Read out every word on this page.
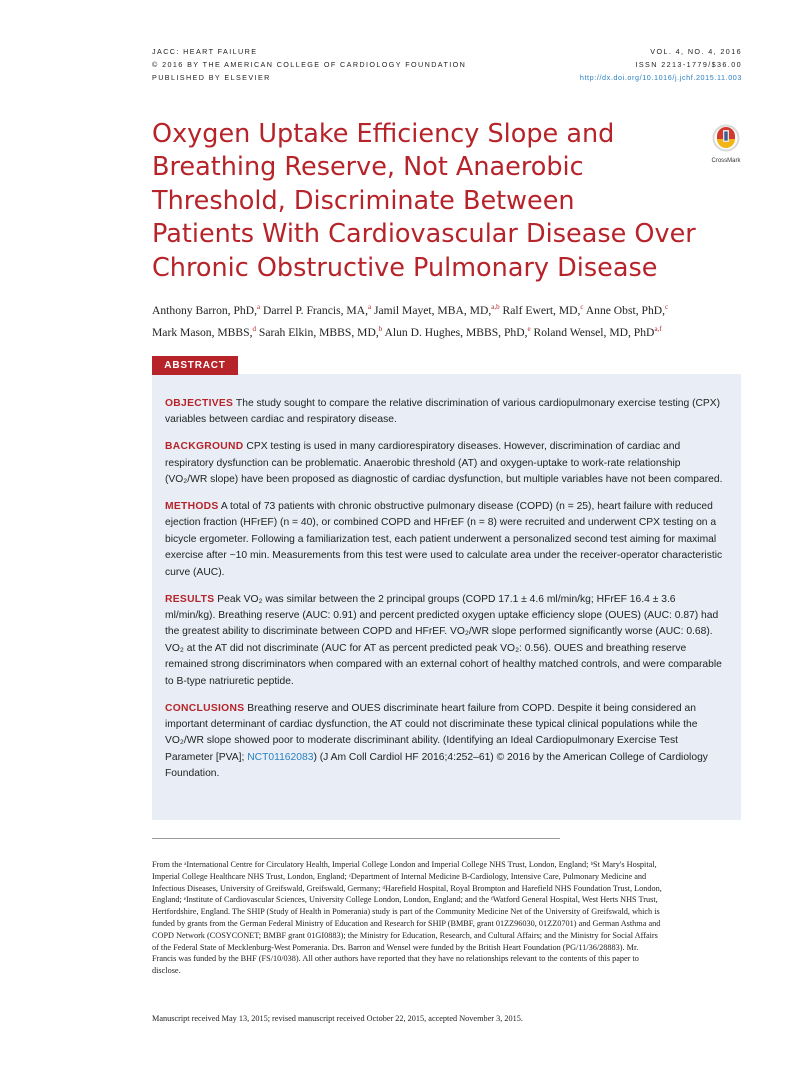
JACC: HEART FAILURE
© 2016 BY THE AMERICAN COLLEGE OF CARDIOLOGY FOUNDATION
PUBLISHED BY ELSEVIER
VOL. 4, NO. 4, 2016
ISSN 2213-1779/$36.00
http://dx.doi.org/10.1016/j.jchf.2015.11.003
Oxygen Uptake Efficiency Slope and
Breathing Reserve, Not Anaerobic
Threshold, Discriminate Between
Patients With Cardiovascular Disease Over
Chronic Obstructive Pulmonary Disease
CrossMark
Anthony Barron, PhD,$^a$ Darrel P. Francis, MA,$^a$ Jamil Mayet, MBA, MD,$^{a,b}$ Ralf Ewert, MD,$^c$ Anne Obst, PhD,$^c$
Mark Mason, MBBS,$^d$ Sarah Elkin, MBBS, MD,$^b$ Alun D. Hughes, MBBS, PhD,$^e$ Roland Wensel, MD, PhD$^{a,f}$
ABSTRACT

OBJECTIVES The study sought to compare the relative discrimination of various cardiopulmonary exercise testing (CPX) variables between cardiac and respiratory disease.

BACKGROUND CPX testing is used in many cardiorespiratory diseases. However, discrimination of cardiac and respiratory dysfunction can be problematic. Anaerobic threshold (AT) and oxygen-uptake to work-rate relationship (VO₂/WR slope) have been proposed as diagnostic of cardiac dysfunction, but multiple variables have not been compared.

METHODS A total of 73 patients with chronic obstructive pulmonary disease (COPD) (n = 25), heart failure with reduced ejection fraction (HFrEF) (n = 40), or combined COPD and HFrEF (n = 8) were recruited and underwent CPX testing on a bicycle ergometer. Following a familiarization test, each patient underwent a personalized second test aiming for maximal exercise after ~10 min. Measurements from this test were used to calculate area under the receiver-operator characteristic curve (AUC).

RESULTS Peak VO₂ was similar between the 2 principal groups (COPD 17.1 ± 4.6 ml/min/kg; HFrEF 16.4 ± 3.6 ml/min/kg). Breathing reserve (AUC: 0.91) and percent predicted oxygen uptake efficiency slope (OUES) (AUC: 0.87) had the greatest ability to discriminate between COPD and HFrEF. VO₂/WR slope performed significantly worse (AUC: 0.68). VO₂ at the AT did not discriminate (AUC for AT as percent predicted peak VO₂: 0.56). OUES and breathing reserve remained strong discriminators when compared with an external cohort of healthy matched controls, and were comparable to B-type natriuretic peptide.

CONCLUSIONS Breathing reserve and OUES discriminate heart failure from COPD. Despite it being considered an important determinant of cardiac dysfunction, the AT could not discriminate these typical clinical populations while the VO₂/WR slope showed poor to moderate discriminant ability. (Identifying an Ideal Cardiopulmonary Exercise Test Parameter [PVA]; NCT01162083) (J Am Coll Cardiol HF 2016;4:252–61) © 2016 by the American College of Cardiology Foundation.

From the ᵃInternational Centre for Circulatory Health, Imperial College London and Imperial College NHS Trust, London, England; ᵇSt Mary's Hospital, Imperial College Healthcare NHS Trust, London, England; ᶜDepartment of Internal Medicine B-Cardiology, Intensive Care, Pulmonary Medicine and Infectious Diseases, University of Greifswald, Greifswald, Germany; ᵈHarefield Hospital, Royal Brompton and Harefield NHS Foundation Trust, London, England; ᵉInstitute of Cardiovascular Sciences, University College London, London, England; and the ᶠWatford General Hospital, West Herts NHS Trust, Hertfordshire, England. The SHIP (Study of Health in Pomerania) study is part of the Community Medicine Net of the University of Greifswald, which is funded by grants from the German Federal Ministry of Education and Research for SHIP (BMBF, grant 01ZZ96030, 01ZZ0701) and German Asthma and COPD Network (COSYCONET; BMBF grant 01GI0883); the Ministry for Education, Research, and Cultural Affairs; and the Ministry for Social Affairs of the Federal State of Mecklenburg-West Pomerania. Drs. Barron and Wensel were funded by the British Heart Foundation (PG/11/36/28883). Mr. Francis was funded by the BHF (FS/10/038). All other authors have reported that they have no relationships relevant to the contents of this paper to disclose.
Manuscript received May 13, 2015; revised manuscript received October 22, 2015, accepted November 3, 2015.
